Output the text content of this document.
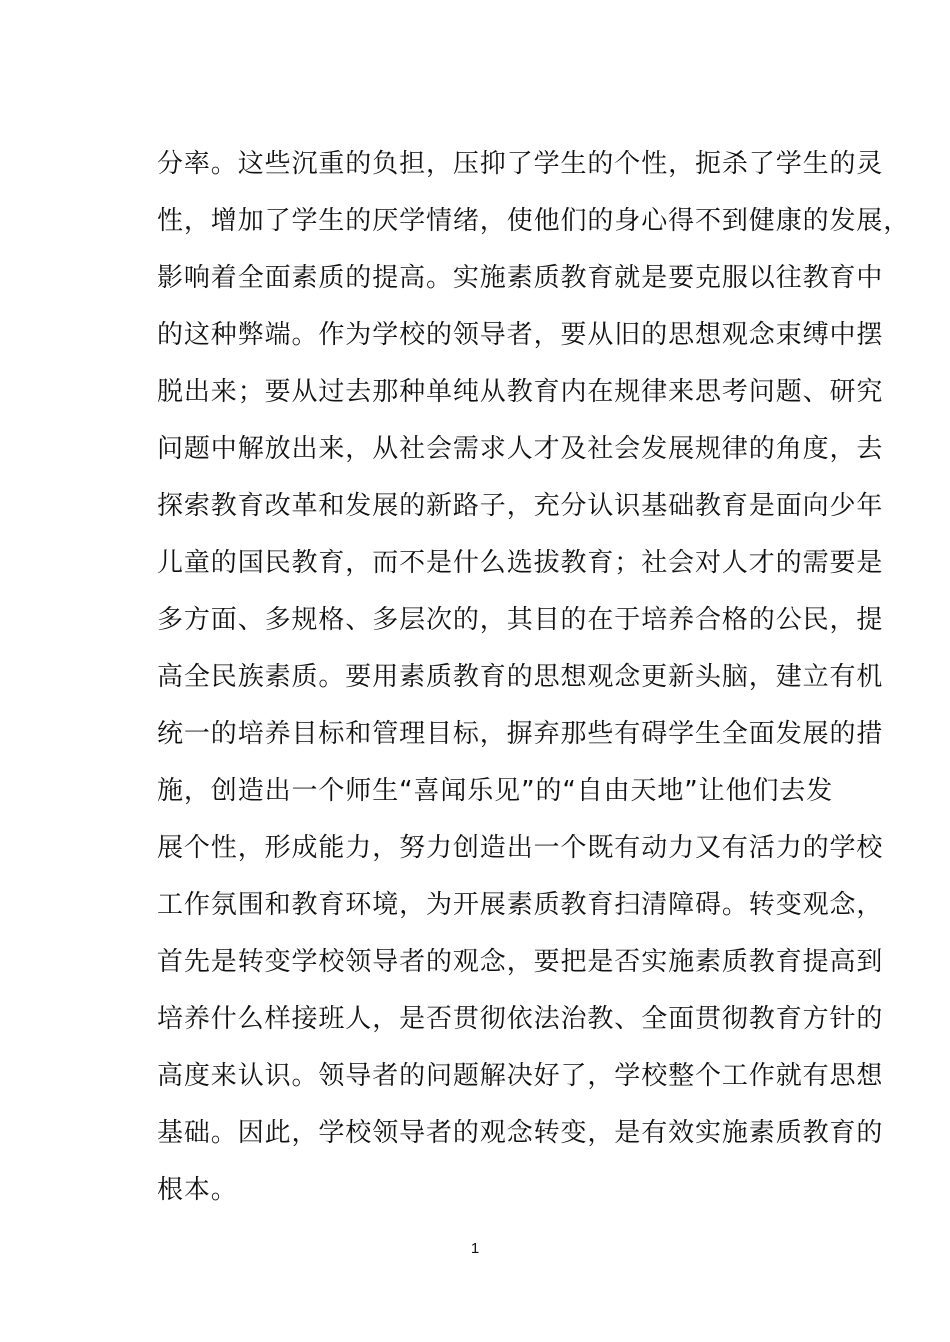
分率。这些沉重的负担，压抑了学生的个性，扼杀了学生的灵
性，增加了学生的厌学情绪，使他们的身心得不到健康的发展，
影响着全面素质的提高。实施素质教育就是要克服以往教育中
的这种弊端。作为学校的领导者，要从旧的思想观念束缚中摆
脱出来；要从过去那种单纯从教育内在规律来思考问题、研究
问题中解放出来，从社会需求人才及社会发展规律的角度，去
探索教育改革和发展的新路子，充分认识基础教育是面向少年
儿童的国民教育，而不是什么选拔教育；社会对人才的需要是
多方面、多规格、多层次的，其目的在于培养合格的公民，提
高全民族素质。要用素质教育的思想观念更新头脑，建立有机
统一的培养目标和管理目标，摒弃那些有碍学生全面发展的措
施，创造出一个师生“喜闻乐见”的“自由天地”让他们去发
展个性，形成能力，努力创造出一个既有动力又有活力的学校
工作氛围和教育环境，为开展素质教育扫清障碍。转变观念，
首先是转变学校领导者的观念，要把是否实施素质教育提高到
培养什么样接班人，是否贯彻依法治教、全面贯彻教育方针的
高度来认识。领导者的问题解决好了，学校整个工作就有思想
基础。因此，学校领导者的观念转变，是有效实施素质教育的
根本。
1
